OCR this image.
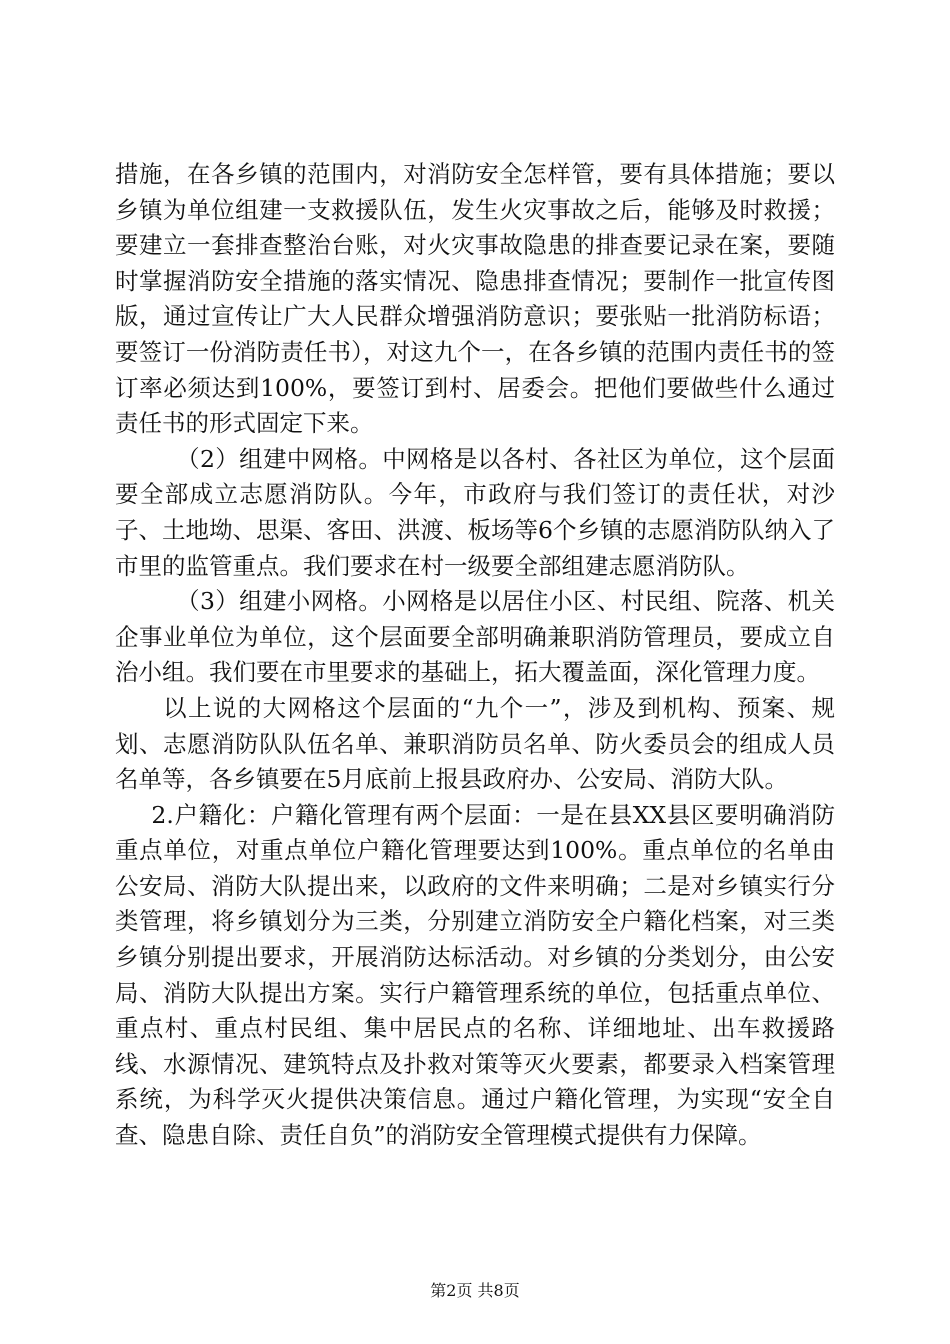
措施，在各乡镇的范围内，对消防安全怎样管，要有具体措施；要以乡镇为单位组建一支救援队伍，发生火灾事故之后，能够及时救援；要建立一套排查整治台账，对火灾事故隐患的排查要记录在案，要随时掌握消防安全措施的落实情况、隐患排查情况；要制作一批宣传图版，通过宣传让广大人民群众增强消防意识；要张贴一批消防标语；要签订一份消防责任书），对这九个一，在各乡镇的范围内责任书的签订率必须达到100%，要签订到村、居委会。把他们要做些什么通过责任书的形式固定下来。

（2）组建中网格。中网格是以各村、各社区为单位，这个层面要全部成立志愿消防队。今年，市政府与我们签订的责任状，对沙子、土地坳、思渠、客田、洪渡、板场等6个乡镇的志愿消防队纳入了市里的监管重点。我们要求在村一级要全部组建志愿消防队。

（3）组建小网格。小网格是以居住小区、村民组、院落、机关企事业单位为单位，这个层面要全部明确兼职消防管理员，要成立自治小组。我们要在市里要求的基础上，拓大覆盖面，深化管理力度。

以上说的大网格这个层面的“九个一”，涉及到机构、预案、规划、志愿消防队队伍名单、兼职消防员名单、防火委员会的组成人员名单等，各乡镇要在5月底前上报县政府办、公安局、消防大队。

2.户籍化：户籍化管理有两个层面：一是在县XX县区要明确消防重点单位，对重点单位户籍化管理要达到100%。重点单位的名单由公安局、消防大队提出来，以政府的文件来明确；二是对乡镇实行分类管理，将乡镇划分为三类，分别建立消防安全户籍化档案，对三类乡镇分别提出要求，开展消防达标活动。对乡镇的分类划分，由公安局、消防大队提出方案。实行户籍管理系统的单位，包括重点单位、重点村、重点村民组、集中居民点的名称、详细地址、出车救援路线、水源情况、建筑特点及扑救对策等灭火要素，都要录入档案管理系统，为科学灭火提供决策信息。通过户籍化管理，为实现“安全自查、隐患自除、责任自负”的消防安全管理模式提供有力保障。

第2页 共8页
